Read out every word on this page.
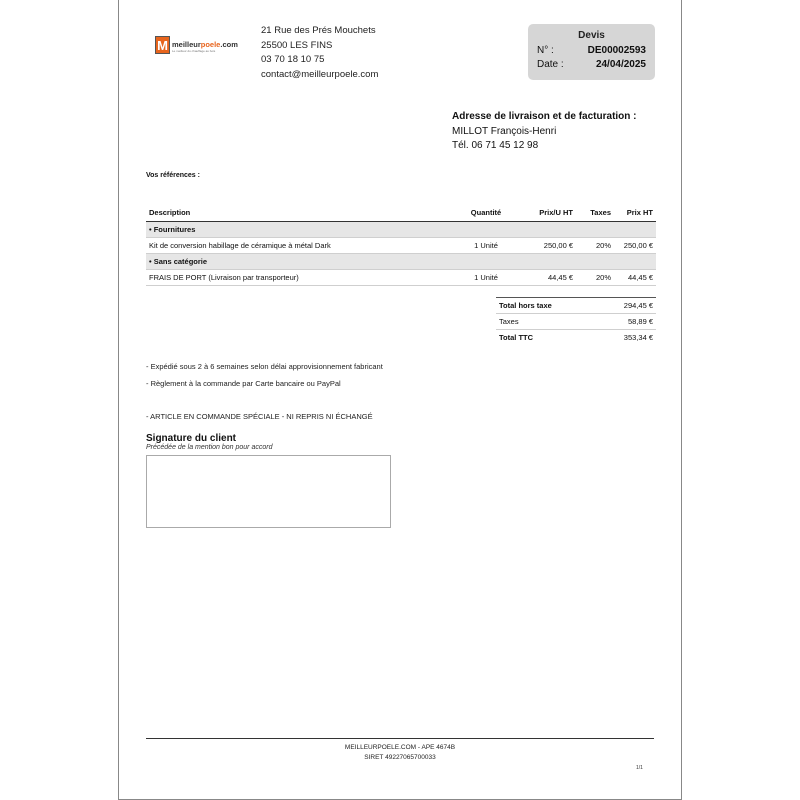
M meilleurpoele.com
Le meilleur du chauffage au bois
21 Rue des Prés Mouchets
25500 LES FINS
03 70 18 10 75
contact@meilleurpoele.com
Devis
N° :	DE00002593
Date :	24/04/2025
Adresse de livraison et de facturation :
MILLOT François-Henri
Tél. 06 71 45 12 98
Vos références :
Description	Quantité	Prix/U HT	Taxes	Prix HT
• Fournitures				
Kit de conversion habillage de céramique à métal Dark	1 Unité	250,00 €	20%	250,00 €
• Sans catégorie				
FRAIS DE PORT (Livraison par transporteur)	1 Unité	44,45 €	20%	44,45 €
Total hors taxe	294,45 €
Taxes	58,89 €
Total TTC	353,34 €
- Expédié sous 2 à 6 semaines selon délai approvisionnement fabricant
- Règlement à la commande par Carte bancaire ou PayPal
- ARTICLE EN COMMANDE SPÉCIALE - NI REPRIS NI ÉCHANGÉ
Signature du client
Précédée de la mention bon pour accord
MEILLEURPOELE.COM - APE 4674B
SIRET 49227065700033
1/1
